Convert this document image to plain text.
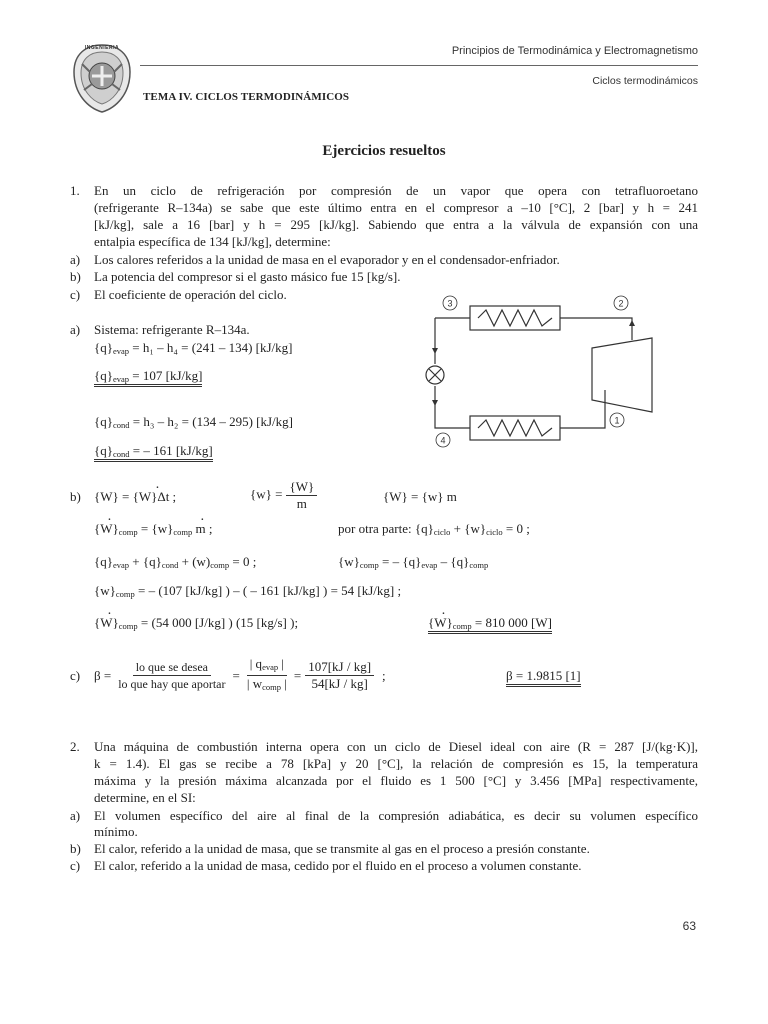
INGENIERIA	Principios de Termodinámica y Electromagnetismo
Ciclos termodinámicos
TEMA IV. CICLOS TERMODINÁMICOS
Ejercicios resueltos
1. En un ciclo de refrigeración por compresión de un vapor que opera con tetrafluoroetano
(refrigerante R–134a) se sabe que este último entra en el compresor a –10 [°C], 2 [bar] y h = 241
[kJ/kg], sale a 16 [bar] y h = 295 [kJ/kg]. Sabiendo que entra a la válvula de expansión con una
entalpia específica de 134 [kJ/kg], determine:
a) Los calores referidos a la unidad de masa en el evaporador y en el condensador-enfriador.
b) La potencia del compresor si el gasto másico fue 15 [kg/s].
c) El coeficiente de operación del ciclo.
3	2
1
4
a) Sistema: refrigerante R–134a.
$\{q\}_{evap} = h_1 - h_4 = (241 - 134)$ [kJ/kg]
$\{q\}_{evap} = 107$ [kJ/kg]
$\{q\}_{cond} = h_3 - h_2 = (134 - 295)$ [kJ/kg]
$\{q\}_{cond}$ = – 161 [kJ/kg]
b) {W} = {· W}Δt ;	$\{w\} = \frac{\{W\}}{m}$	{W} = {w} m
{· $W\}_{comp} = \{w\}_{comp}\cdot m$ ;	por otra parte: $\{q\}_{ciclo} + \{w\}_{ciclo} = 0$ ;
$\{q\}_{evap} + \{q\}_{cond} + (w)_{comp} = 0$ ;	$\{w\}_{comp}$ = – $\{q\}_{evap} - \{q\}_{comp}$
$\{w\}_{comp}$ = – (107 [kJ/kg] ) – ( – 161 [kJ/kg] ) = 54 [kJ/kg] ;
{· $W\}_{comp} = (54$ 000 [J/kg] ) (15 [kg/s] );	{· $W\}_{comp} = 810$ 000 [W]
c) $\beta = \frac{\text{lo que se desea}}{\text{lo que hay que aportar}} = \frac{| q_{evap} |}{| w_{comp} |} = \frac{107[kJ / kg]}{54[kJ / kg]}$ ;	β = 1.9815 [1]
2. Una máquina de combustión interna opera con un ciclo de Diesel ideal con aire (R = 287 [J/(kg·K)],
k = 1.4). El gas se recibe a 78 [kPa] y 20 [°C], la relación de compresión es 15, la temperatura
máxima y la presión máxima alcanzada por el fluido es 1 500 [°C] y 3.456 [MPa] respectivamente,
determine, en el SI:
a) El volumen específico del aire al final de la compresión adiabática, es decir su volumen específico
mínimo.
b) El calor, referido a la unidad de masa, que se transmite al gas en el proceso a presión constante.
c) El calor, referido a la unidad de masa, cedido por el fluido en el proceso a volumen constante.
63
